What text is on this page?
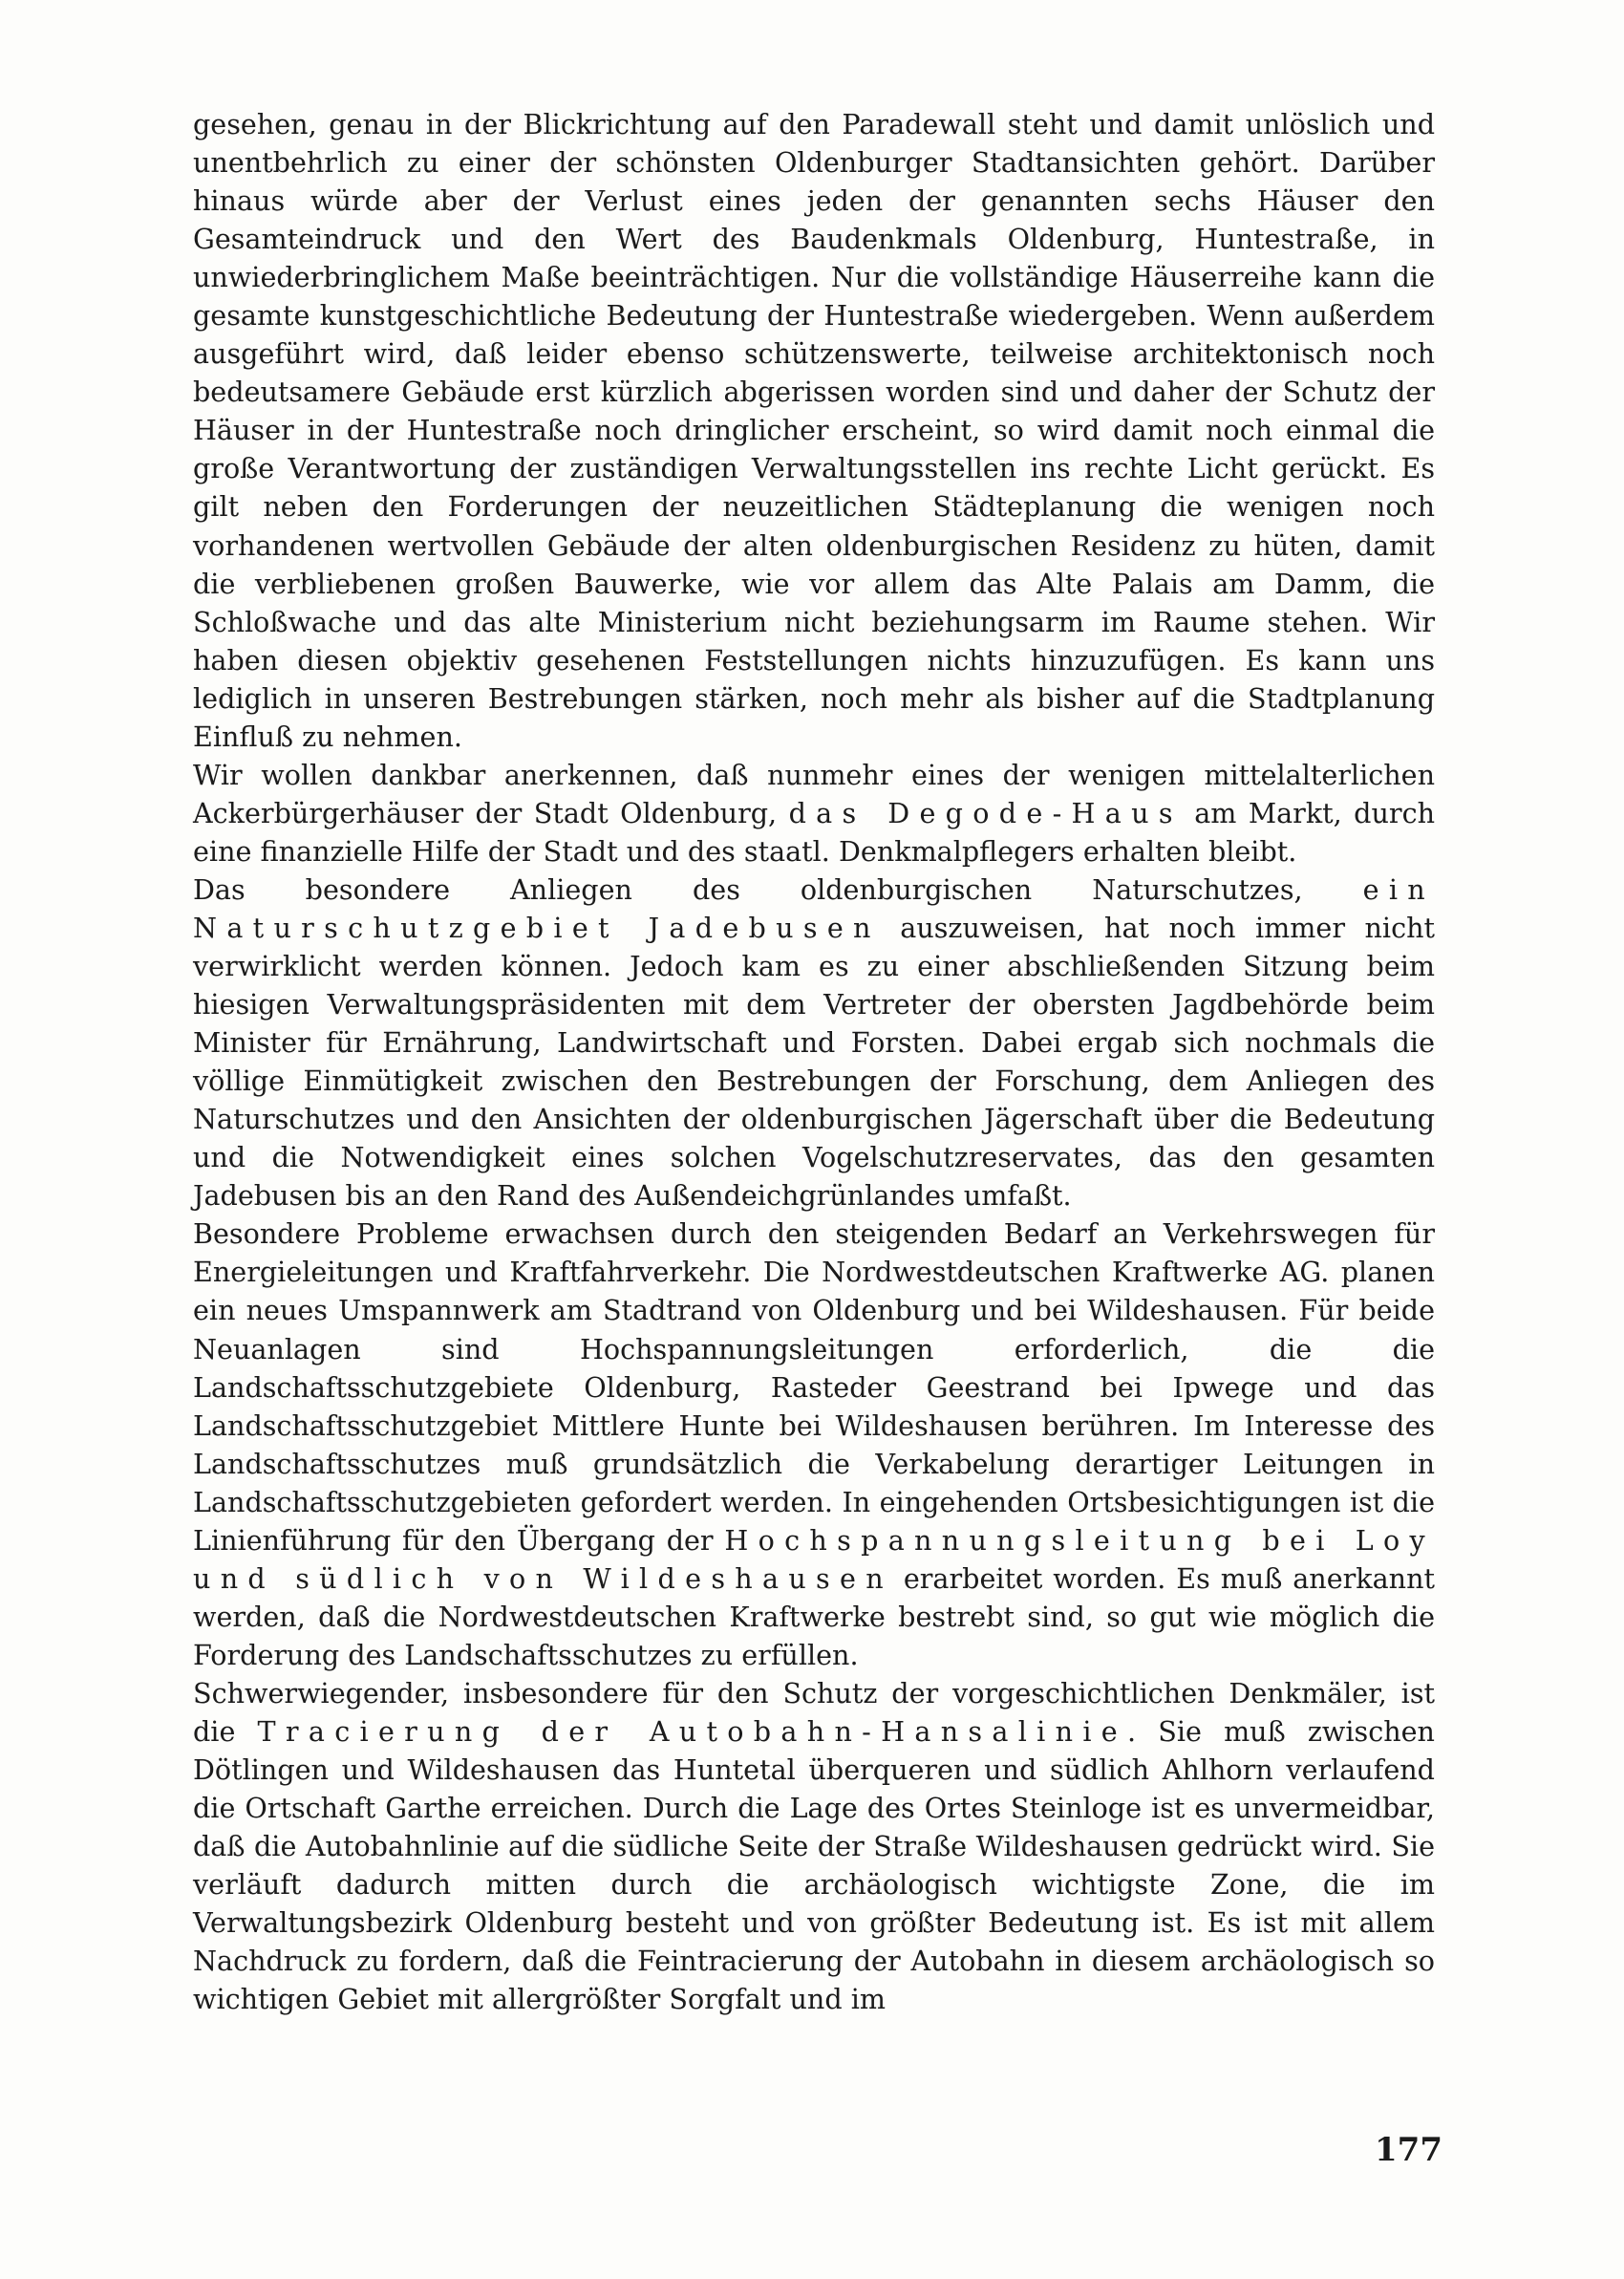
gesehen, genau in der Blickrichtung auf den Paradewall steht und damit unlöslich und unentbehrlich zu einer der schönsten Oldenburger Stadtansichten gehört. Darüber hinaus würde aber der Verlust eines jeden der genannten sechs Häuser den Gesamteindruck und den Wert des Baudenkmals Oldenburg, Huntestraße, in unwiederbringlichem Maße beeinträchtigen. Nur die vollständige Häuserreihe kann die gesamte kunstgeschichtliche Bedeutung der Huntestraße wiedergeben. Wenn außerdem ausgeführt wird, daß leider ebenso schützenswerte, teilweise architektonisch noch bedeutsamere Gebäude erst kürzlich abgerissen worden sind und daher der Schutz der Häuser in der Huntestraße noch dringlicher erscheint, so wird damit noch einmal die große Verantwortung der zuständigen Verwaltungsstellen ins rechte Licht gerückt. Es gilt neben den Forderungen der neuzeitlichen Städteplanung die wenigen noch vorhandenen wertvollen Gebäude der alten oldenburgischen Residenz zu hüten, damit die verbliebenen großen Bauwerke, wie vor allem das Alte Palais am Damm, die Schloßwache und das alte Ministerium nicht beziehungsarm im Raume stehen. Wir haben diesen objektiv gesehenen Feststellungen nichts hinzuzufügen. Es kann uns lediglich in unseren Bestrebungen stärken, noch mehr als bisher auf die Stadtplanung Einfluß zu nehmen.

Wir wollen dankbar anerkennen, daß nunmehr eines der wenigen mittelalterlichen Ackerbürgerhäuser der Stadt Oldenburg, das Degode-Haus am Markt, durch eine finanzielle Hilfe der Stadt und des staatl. Denkmalpflegers erhalten bleibt.

Das besondere Anliegen des oldenburgischen Naturschutzes, ein Naturschutzgebiet Jadebusen auszuweisen, hat noch immer nicht verwirklicht werden können. Jedoch kam es zu einer abschließenden Sitzung beim hiesigen Verwaltungspräsidenten mit dem Vertreter der obersten Jagdbehörde beim Minister für Ernährung, Landwirtschaft und Forsten. Dabei ergab sich nochmals die völlige Einmütigkeit zwischen den Bestrebungen der Forschung, dem Anliegen des Naturschutzes und den Ansichten der oldenburgischen Jägerschaft über die Bedeutung und die Notwendigkeit eines solchen Vogelschutzreservates, das den gesamten Jadebusen bis an den Rand des Außendeichgrünlandes umfaßt.

Besondere Probleme erwachsen durch den steigenden Bedarf an Verkehrswegen für Energieleitungen und Kraftfahrverkehr. Die Nordwestdeutschen Kraftwerke AG. planen ein neues Umspannwerk am Stadtrand von Oldenburg und bei Wildeshausen. Für beide Neuanlagen sind Hochspannungsleitungen erforderlich, die die Landschaftsschutzgebiete Oldenburg, Rasteder Geestrand bei Ipwege und das Landschaftsschutzgebiet Mittlere Hunte bei Wildeshausen berühren. Im Interesse des Landschaftsschutzes muß grundsätzlich die Verkabelung derartiger Leitungen in Landschaftsschutzgebieten gefordert werden. In eingehenden Ortsbesichtigungen ist die Linienführung für den Übergang der Hochspannungsleitung bei Loy und südlich von Wildeshausen erarbeitet worden. Es muß anerkannt werden, daß die Nordwestdeutschen Kraftwerke bestrebt sind, so gut wie möglich die Forderung des Landschaftsschutzes zu erfüllen.

Schwerwiegender, insbesondere für den Schutz der vorgeschichtlichen Denkmäler, ist die Tracierung der Autobahn-Hansalinie. Sie muß zwischen Dötlingen und Wildeshausen das Huntetal überqueren und südlich Ahlhorn verlaufend die Ortschaft Garthe erreichen. Durch die Lage des Ortes Steinloge ist es unvermeidbar, daß die Autobahnlinie auf die südliche Seite der Straße Wildeshausen gedrückt wird. Sie verläuft dadurch mitten durch die archäologisch wichtigste Zone, die im Verwaltungsbezirk Oldenburg besteht und von größter Bedeutung ist. Es ist mit allem Nachdruck zu fordern, daß die Feintracierung der Autobahn in diesem archäologisch so wichtigen Gebiet mit allergrößter Sorgfalt und im

177
